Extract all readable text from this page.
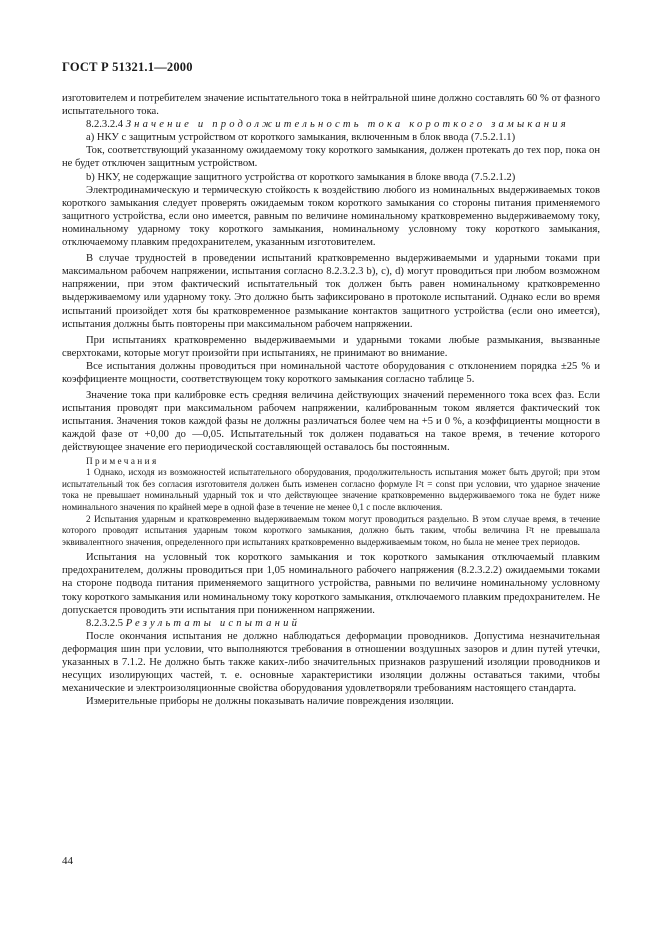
ГОСТ Р 51321.1—2000

изготовителем и потребителем значение испытательного тока в нейтральной шине должно составлять 60 % от фазного испытательного тока.

8.2.3.2.4 Значение и продолжительность тока короткого замыкания

a) НКУ с защитным устройством от короткого замыкания, включенным в блок ввода (7.5.2.1.1)

Ток, соответствующий указанному ожидаемому току короткого замыкания, должен протекать до тех пор, пока он не будет отключен защитным устройством.

b) НКУ, не содержащие защитного устройства от короткого замыкания в блоке ввода (7.5.2.1.2)

Электродинамическую и термическую стойкость к воздействию любого из номинальных выдерживаемых токов короткого замыкания следует проверять ожидаемым током короткого замыкания со стороны питания применяемого защитного устройства, если оно имеется, равным по величине номинальному кратковременно выдерживаемому току, номинальному ударному току короткого замыкания, номинальному условному току короткого замыкания, отключаемому плавким предохранителем, указанным изготовителем.

В случае трудностей в проведении испытаний кратковременно выдерживаемыми и ударными токами при максимальном рабочем напряжении, испытания согласно 8.2.3.2.3 b), c), d) могут проводиться при любом возможном напряжении, при этом фактический испытательный ток должен быть равен номинальному кратковременно выдерживаемому или ударному току. Это должно быть зафиксировано в протоколе испытаний. Однако если во время испытаний произойдет хотя бы кратковременное размыкание контактов защитного устройства (если оно имеется), испытания должны быть повторены при максимальном рабочем напряжении.

При испытаниях кратковременно выдерживаемыми и ударными токами любые размыкания, вызванные сверхтоками, которые могут произойти при испытаниях, не принимают во внимание.

Все испытания должны проводиться при номинальной частоте оборудования с отклонением порядка ±25 % и коэффициенте мощности, соответствующем току короткого замыкания согласно таблице 5.

Значение тока при калибровке есть средняя величина действующих значений переменного тока всех фаз. Если испытания проводят при максимальном рабочем напряжении, калиброванным током является фактический ток испытания. Значения токов каждой фазы не должны различаться более чем на +5 и 0 %, а коэффициенты мощности в каждой фазе от +0,00 до —0,05. Испытательный ток должен подаваться на такое время, в течение которого действующее значение его периодической составляющей оставалось бы постоянным.

Примечания

1 Однако, исходя из возможностей испытательного оборудования, продолжительность испытания может быть другой; при этом испытательный ток без согласия изготовителя должен быть изменен согласно формуле I²t = const при условии, что ударное значение тока не превышает номинальный ударный ток и что действующее значение кратковременно выдерживаемого тока не будет ниже номинального значения по крайней мере в одной фазе в течение не менее 0,1 с после включения.

2 Испытания ударным и кратковременно выдерживаемым током могут проводиться раздельно. В этом случае время, в течение которого проводят испытания ударным током короткого замыкания, должно быть таким, чтобы величина I²t не превышала эквивалентного значения, определенного при испытаниях кратковременно выдерживаемым током, но была не менее трех периодов.

Испытания на условный ток короткого замыкания и ток короткого замыкания отключаемый плавким предохранителем, должны проводиться при 1,05 номинального рабочего напряжения (8.2.3.2.2) ожидаемыми токами на стороне подвода питания применяемого защитного устройства, равными по величине номинальному условному току короткого замыкания или номинальному току короткого замыкания, отключаемого плавким предохранителем. Не допускается проводить эти испытания при пониженном напряжении.

8.2.3.2.5 Результаты испытаний

После окончания испытания не должно наблюдаться деформации проводников. Допустима незначительная деформация шин при условии, что выполняются требования в отношении воздушных зазоров и длин путей утечки, указанных в 7.1.2. Не должно быть также каких-либо значительных признаков разрушений изоляции проводников и несущих изолирующих частей, т. е. основные характеристики изоляции должны оставаться такими, чтобы механические и электроизоляционные свойства оборудования удовлетворяли требованиям настоящего стандарта.

Измерительные приборы не должны показывать наличие повреждения изоляции.

44
